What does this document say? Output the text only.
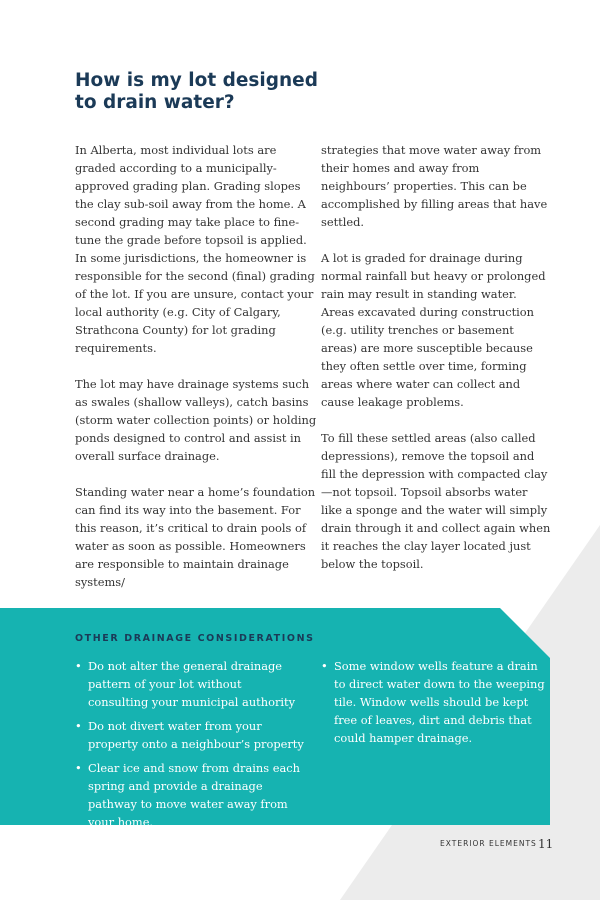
How is my lot designed to drain water?

In Alberta, most individual lots are graded according to a municipally-approved grading plan. Grading slopes the clay sub-soil away from the home. A second grading may take place to fine-tune the grade before topsoil is applied. In some jurisdictions, the homeowner is responsible for the second (final) grading of the lot. If you are unsure, contact your local authority (e.g. City of Calgary, Strathcona County) for lot grading requirements.

The lot may have drainage systems such as swales (shallow valleys), catch basins (storm water collection points) or holding ponds designed to control and assist in overall surface drainage.

Standing water near a home’s foundation can find its way into the basement. For this reason, it’s critical to drain pools of water as soon as possible. Homeowners are responsible to maintain drainage systems/

strategies that move water away from their homes and away from neighbours’ properties. This can be accomplished by filling areas that have settled.

A lot is graded for drainage during normal rainfall but heavy or prolonged rain may result in standing water. Areas excavated during construction (e.g. utility trenches or basement areas) are more susceptible because they often settle over time, forming areas where water can collect and cause leakage problems.

To fill these settled areas (also called depressions), remove the topsoil and fill the depression with compacted clay—not topsoil. Topsoil absorbs water like a sponge and the water will simply drain through it and collect again when it reaches the clay layer located just below the topsoil.

OTHER DRAINAGE CONSIDERATIONS
• Do not alter the general drainage pattern of your lot without consulting your municipal authority
• Do not divert water from your property onto a neighbour’s property
• Clear ice and snow from drains each spring and provide a drainage pathway to move water away from your home.
• Some window wells feature a drain to direct water down to the weeping tile. Window wells should be kept free of leaves, dirt and debris that could hamper drainage.
EXTERIOR ELEMENTS 11
